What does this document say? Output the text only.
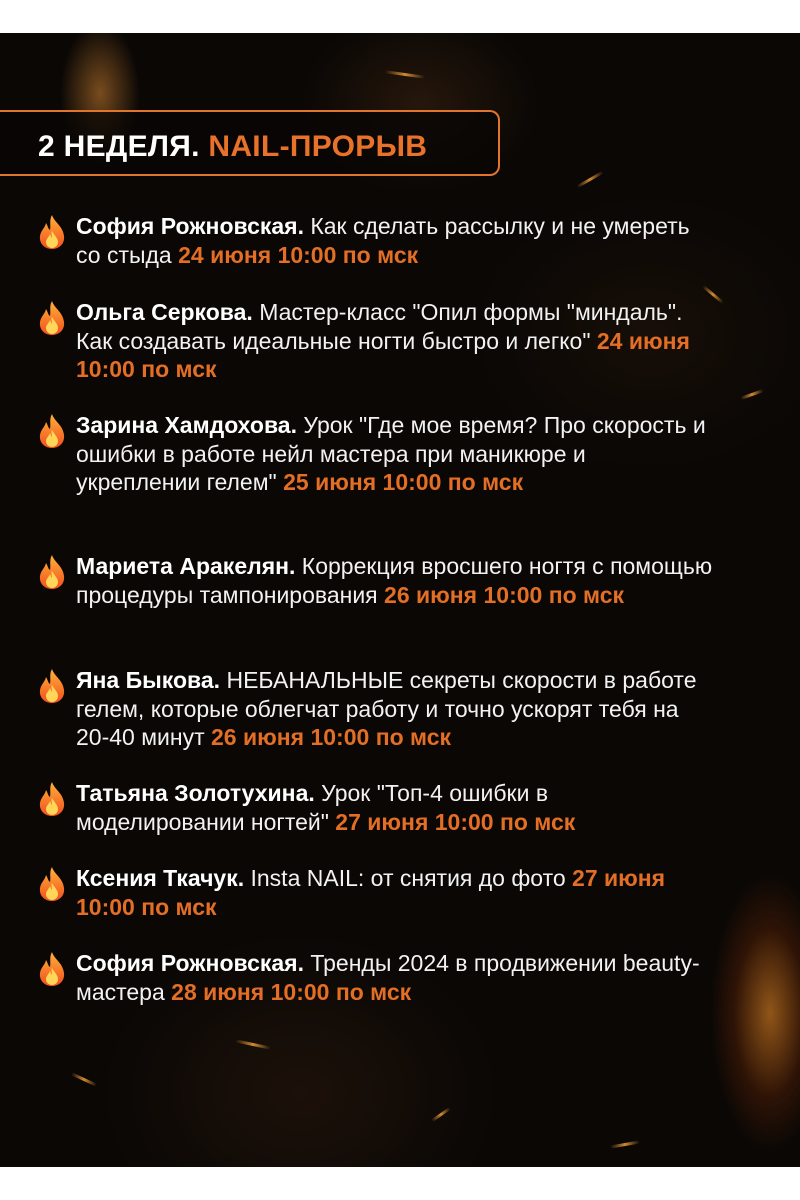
2 НЕДЕЛЯ. NAIL-ПРОРЫВ
София Рожновская. Как сделать рассылку и не умереть со стыда 24 июня 10:00 по мск
Ольга Серкова. Мастер-класс "Опил формы "миндаль". Как создавать идеальные ногти быстро и легко" 24 июня 10:00 по мск
Зарина Хамдохова. Урок "Где мое время? Про скорость и ошибки в работе нейл мастера при маникюре и укреплении гелем" 25 июня 10:00 по мск
Мариета Аракелян. Коррекция вросшего ногтя с помощью процедуры тампонирования 26 июня 10:00 по мск
Яна Быкова. НЕБАНАЛЬНЫЕ секреты скорости в работе гелем, которые облегчат работу и точно ускорят тебя на 20-40 минут 26 июня 10:00 по мск
Татьяна Золотухина. Урок "Топ-4 ошибки в моделировании ногтей" 27 июня 10:00 по мск
Ксения Ткачук. Insta NAIL: от снятия до фото 27 июня 10:00 по мск
София Рожновская. Тренды 2024 в продвижении beauty-мастера 28 июня 10:00 по мск
